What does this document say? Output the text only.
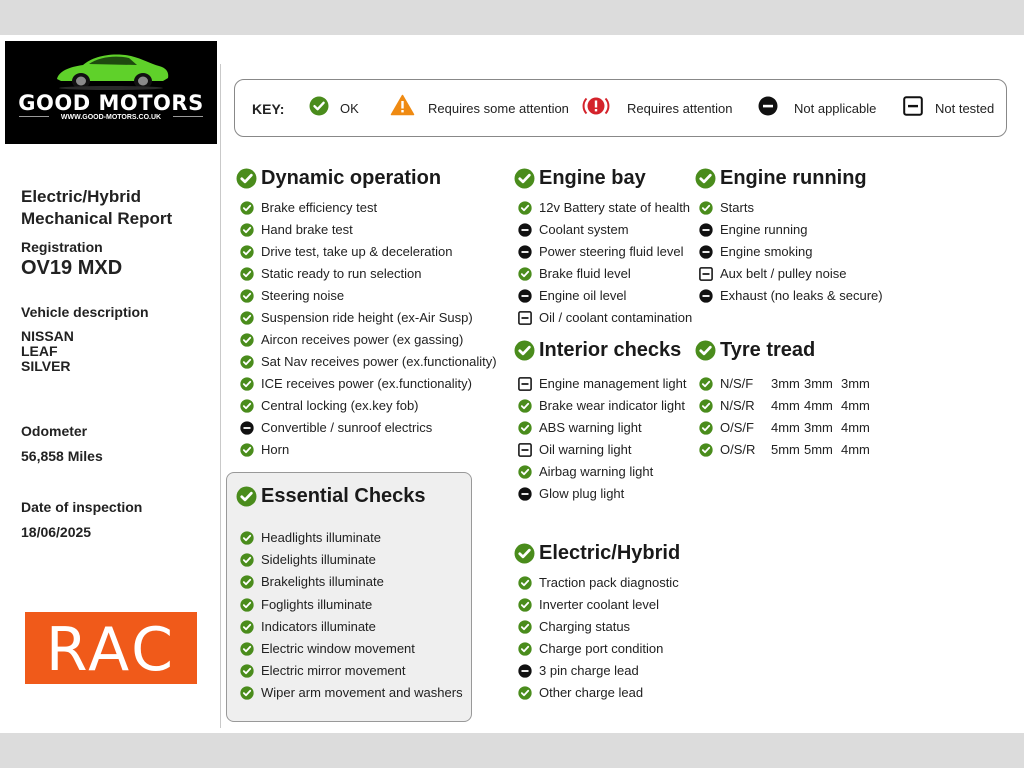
GOOD MOTORS
WWW.GOOD-MOTORS.CO.UK
Electric/Hybrid
Mechanical Report
Registration
OV19 MXD
Vehicle description
NISSAN
LEAF
SILVER
Odometer
56,858 Miles
Date of inspection
18/06/2025
RAC
KEY:	OK	Requires some attention	Requires attention	Not applicable	Not tested
Dynamic operation
Brake efficiency test
Hand brake test
Drive test, take up & deceleration
Static ready to run selection
Steering noise
Suspension ride height (ex-Air Susp)
Aircon receives power (ex gassing)
Sat Nav receives power (ex.functionality)
ICE receives power (ex.functionality)
Central locking (ex.key fob)
Convertible / sunroof electrics
Horn
Essential Checks
Headlights illuminate
Sidelights illuminate
Brakelights illuminate
Foglights illuminate
Indicators illuminate
Electric window movement
Electric mirror movement
Wiper arm movement and washers
Engine bay
12v Battery state of health
Coolant system
Power steering fluid level
Brake fluid level
Engine oil level
Oil / coolant contamination
Interior checks
Engine management light
Brake wear indicator light
ABS warning light
Oil warning light
Airbag warning light
Glow plug light
Electric/Hybrid
Traction pack diagnostic
Inverter coolant level
Charging status
Charge port condition
3 pin charge lead
Other charge lead
Engine running
Starts
Engine running
Engine smoking
Aux belt / pulley noise
Exhaust (no leaks & secure)
Tyre tread
N/S/F 3mm 3mm 3mm
N/S/R 4mm 4mm 4mm
O/S/F 4mm 3mm 4mm
O/S/R 5mm 5mm 4mm
